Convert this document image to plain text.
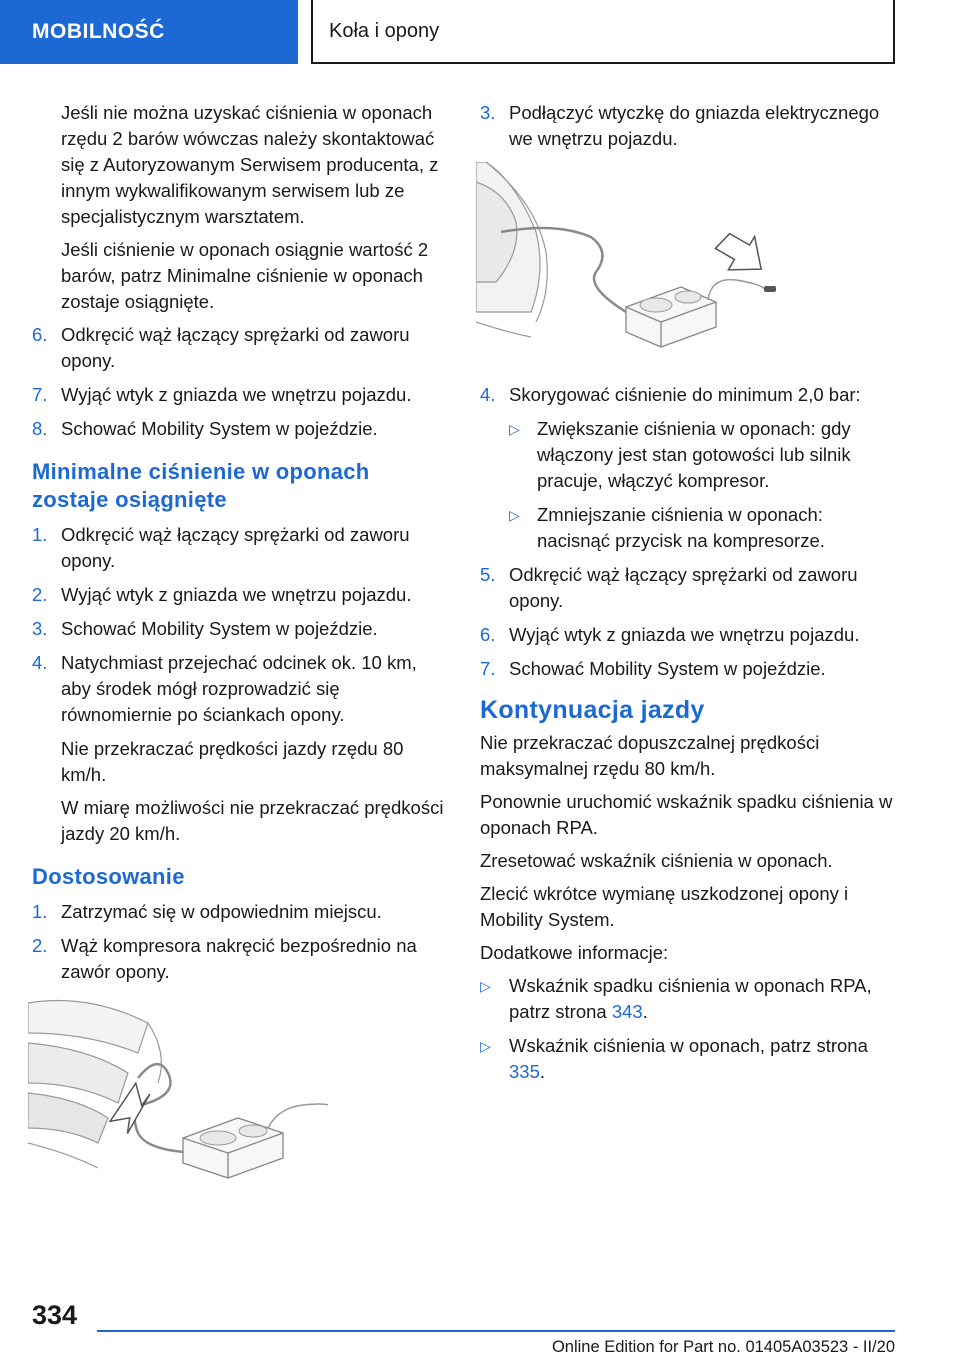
MOBILNOŚĆ	Koła i opony

Jeśli nie można uzyskać ciśnienia w oponach rzędu 2 barów wówczas należy skontaktować się z Autoryzowanym Serwisem producenta, z innym wykwalifikowanym serwisem lub ze specjalistycznym warsztatem.

Jeśli ciśnienie w oponach osiągnie wartość 2 barów, patrz Minimalne ciśnienie w oponach zostaje osiągnięte.

6. Odkręcić wąż łączący sprężarki od zaworu opony.
7. Wyjąć wtyk z gniazda we wnętrzu pojazdu.
8. Schować Mobility System w pojeździe.
Minimalne ciśnienie w oponach zostaje osiągnięte
1. Odkręcić wąż łączący sprężarki od zaworu opony.
2. Wyjąć wtyk z gniazda we wnętrzu pojazdu.
3. Schować Mobility System w pojeździe.
4. Natychmiast przejechać odcinek ok. 10 km, aby środek mógł rozprowadzić się równomiernie po ściankach opony.

Nie przekraczać prędkości jazdy rzędu 80 km/h.

W miarę możliwości nie przekraczać prędkości jazdy 20 km/h.

Dostosowanie
1. Zatrzymać się w odpowiednim miejscu.
2. Wąż kompresora nakręcić bezpośrednio na zawór opony.
3. Podłączyć wtyczkę do gniazda elektrycznego we wnętrzu pojazdu.
4. Skorygować ciśnienie do minimum 2,0 bar:
▷ Zwiększanie ciśnienia w oponach: gdy włączony jest stan gotowości lub silnik pracuje, włączyć kompresor.
▷ Zmniejszanie ciśnienia w oponach: nacisnąć przycisk na kompresorze.
5. Odkręcić wąż łączący sprężarki od zaworu opony.
6. Wyjąć wtyk z gniazda we wnętrzu pojazdu.
7. Schować Mobility System w pojeździe.
Kontynuacja jazdy

Nie przekraczać dopuszczalnej prędkości maksymalnej rzędu 80 km/h.

Ponownie uruchomić wskaźnik spadku ciśnienia w oponach RPA.

Zresetować wskaźnik ciśnienia w oponach.

Zlecić wkrótce wymianę uszkodzonej opony i Mobility System.

Dodatkowe informacje:

▷ Wskaźnik spadku ciśnienia w oponach RPA, patrz strona 343.
▷ Wskaźnik ciśnienia w oponach, patrz strona 335.
334
Online Edition for Part no. 01405A03523 - II/20
